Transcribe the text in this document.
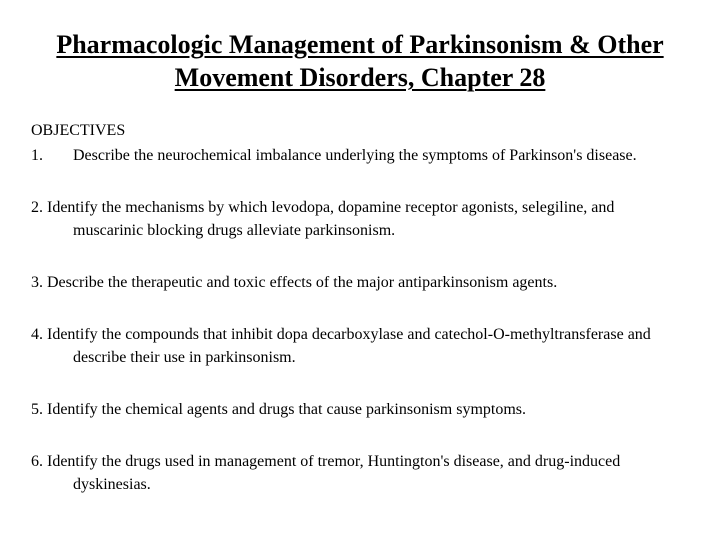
Pharmacologic Management of Parkinsonism & Other
Movement Disorders, Chapter 28
OBJECTIVES
1. Describe the neurochemical imbalance underlying the symptoms of Parkinson's disease.
2. Identify the mechanisms by which levodopa, dopamine receptor agonists, selegiline, and muscarinic blocking drugs alleviate parkinsonism.
3. Describe the therapeutic and toxic effects of the major antiparkinsonism agents.
4. Identify the compounds that inhibit dopa decarboxylase and catechol-O-methyltransferase and describe their use in parkinsonism.
5. Identify the chemical agents and drugs that cause parkinsonism symptoms.
6. Identify the drugs used in management of tremor, Huntington's disease, and drug-induced dyskinesias.
